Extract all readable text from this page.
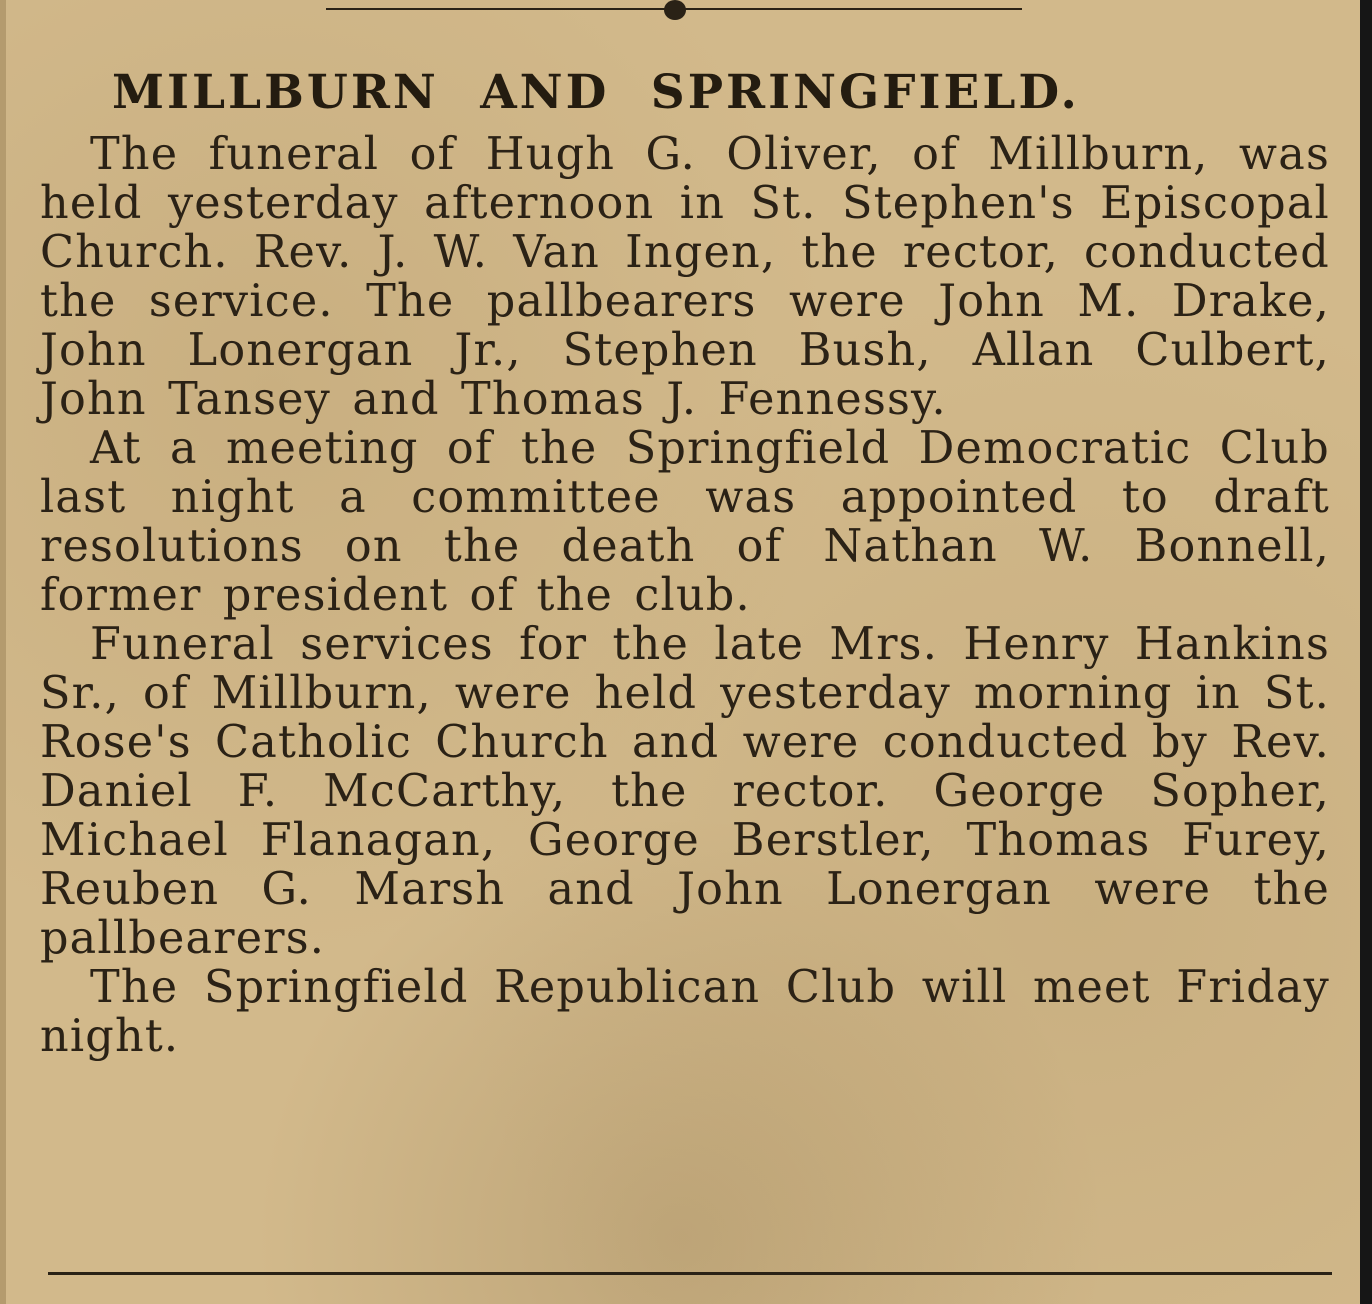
MILLBURN AND SPRINGFIELD.

The funeral of Hugh G. Oliver, of Millburn, was held yesterday afternoon in St. Stephen's Episcopal Church. Rev. J. W. Van Ingen, the rector, conducted the service. The pallbearers were John M. Drake, John Lonergan Jr., Stephen Bush, Allan Culbert, John Tansey and Thomas J. Fennessy.

At a meeting of the Springfield Democratic Club last night a committee was appointed to draft resolutions on the death of Nathan W. Bonnell, former president of the club.

Funeral services for the late Mrs. Henry Hankins Sr., of Millburn, were held yesterday morning in St. Rose's Catholic Church and were conducted by Rev. Daniel F. McCarthy, the rector. George Sopher, Michael Flanagan, George Berstler, Thomas Furey, Reuben G. Marsh and John Lonergan were the pallbearers.

The Springfield Republican Club will meet Friday night.
